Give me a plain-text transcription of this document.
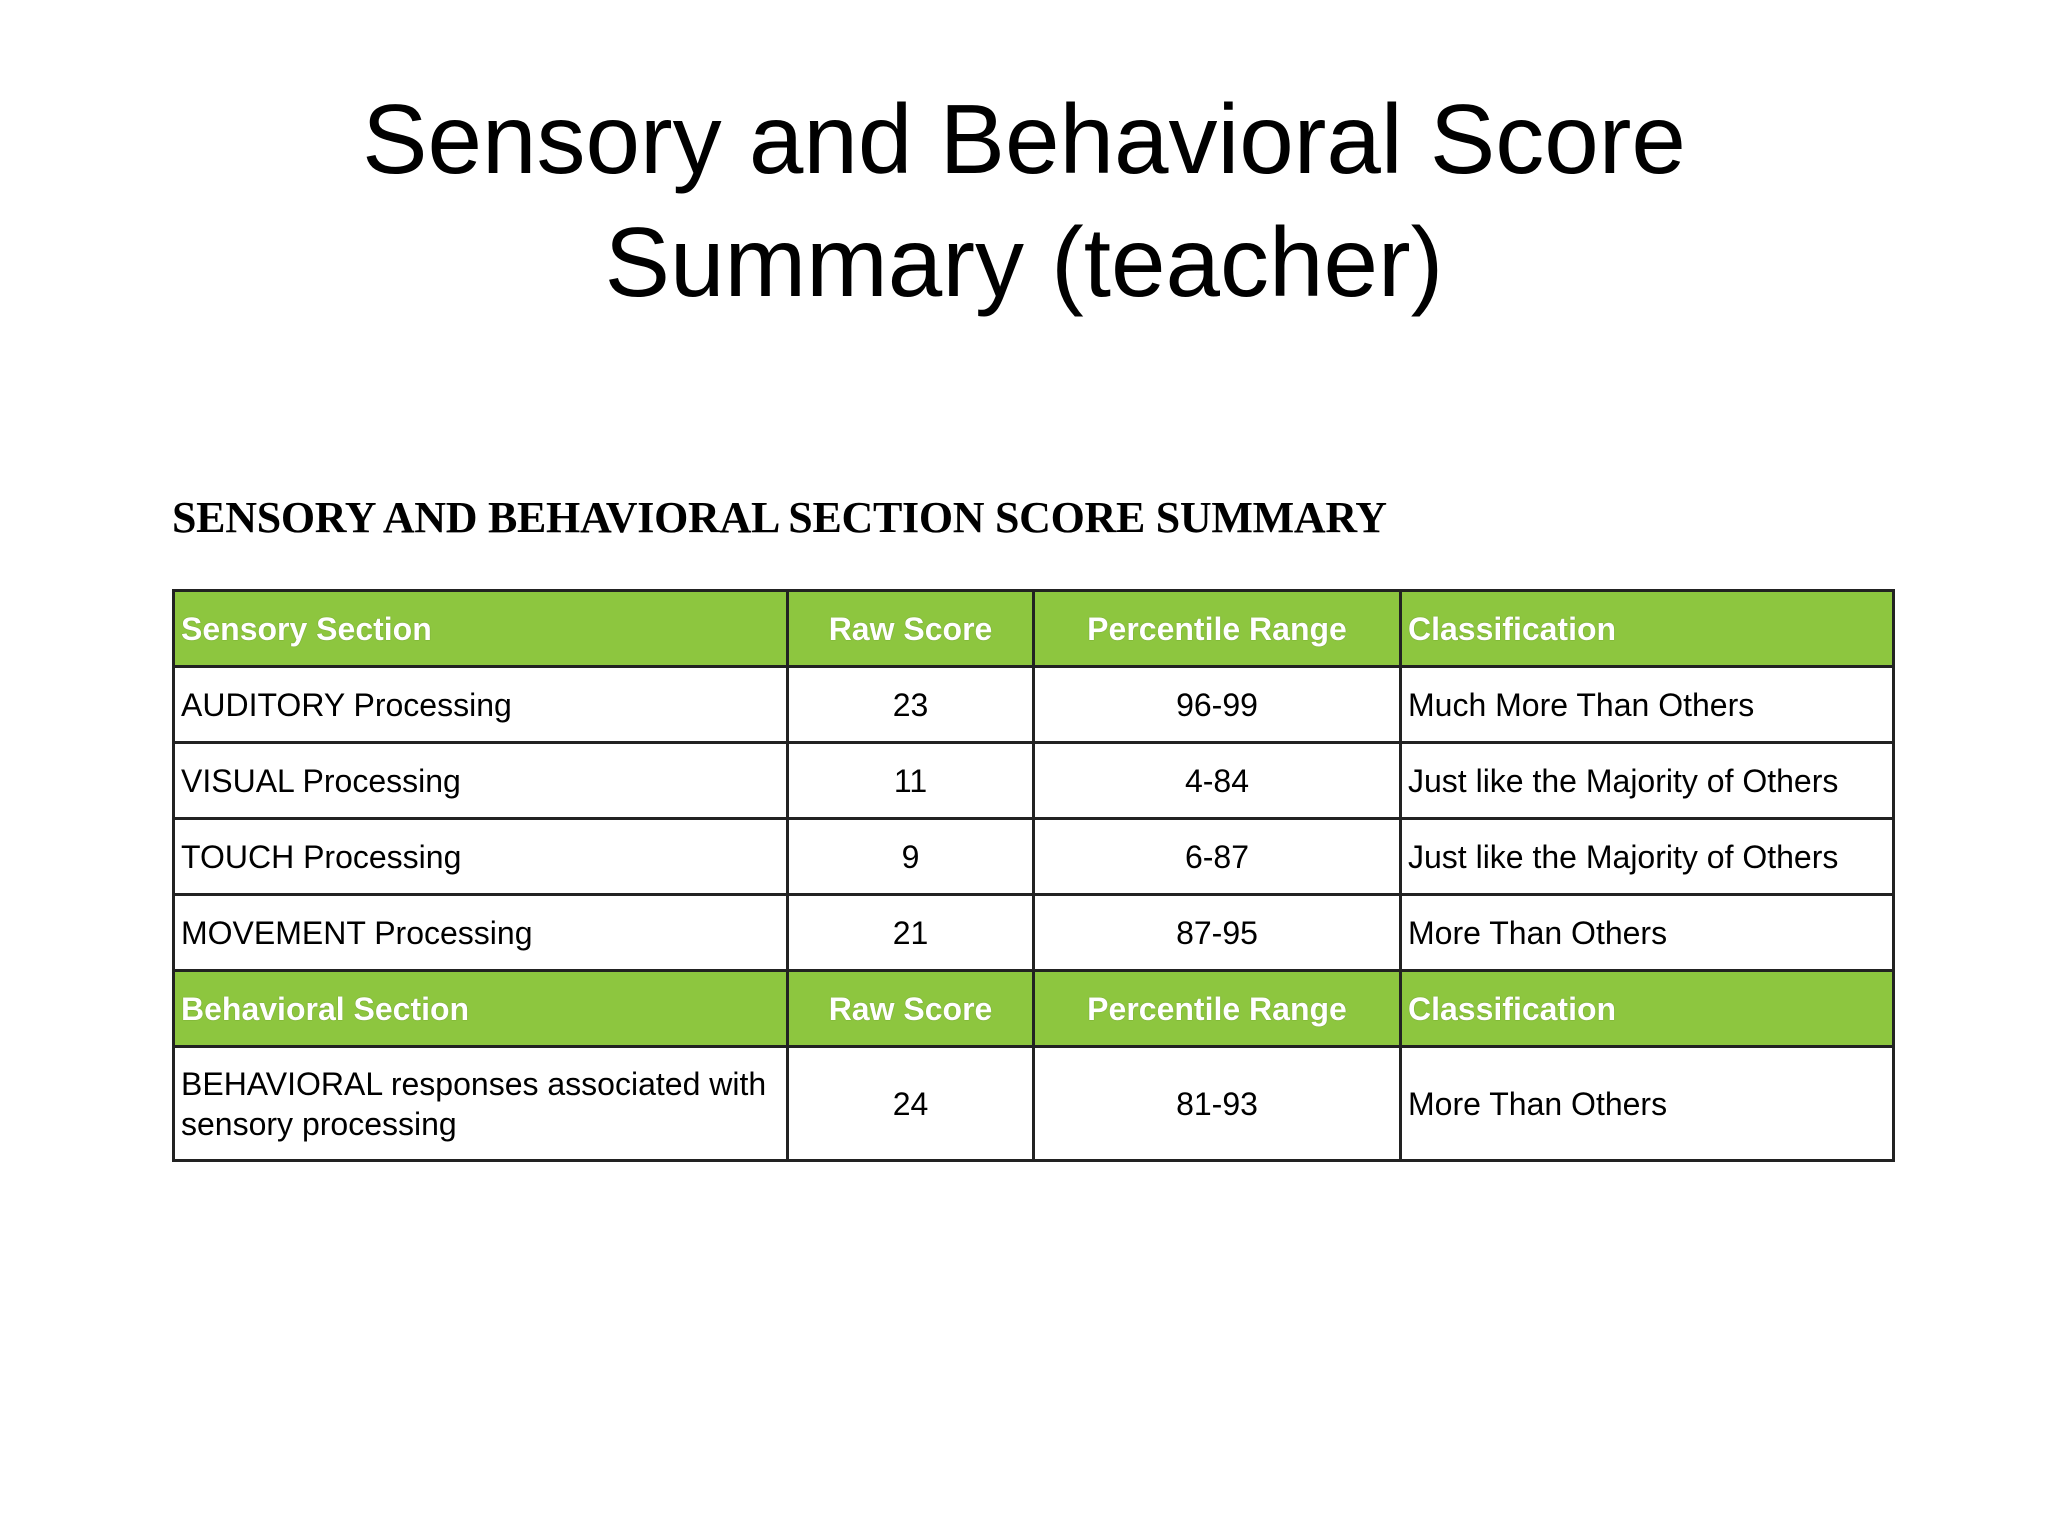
Sensory and Behavioral Score
Summary (teacher)
SENSORY AND BEHAVIORAL SECTION SCORE SUMMARY
Sensory Section	Raw Score	Percentile Range	Classification
AUDITORY Processing	23	96-99	Much More Than Others
VISUAL Processing	11	4-84	Just like the Majority of Others
TOUCH Processing	9	6-87	Just like the Majority of Others
MOVEMENT Processing	21	87-95	More Than Others
Behavioral Section	Raw Score	Percentile Range	Classification
BEHAVIORAL responses associated with sensory processing	24	81-93	More Than Others
